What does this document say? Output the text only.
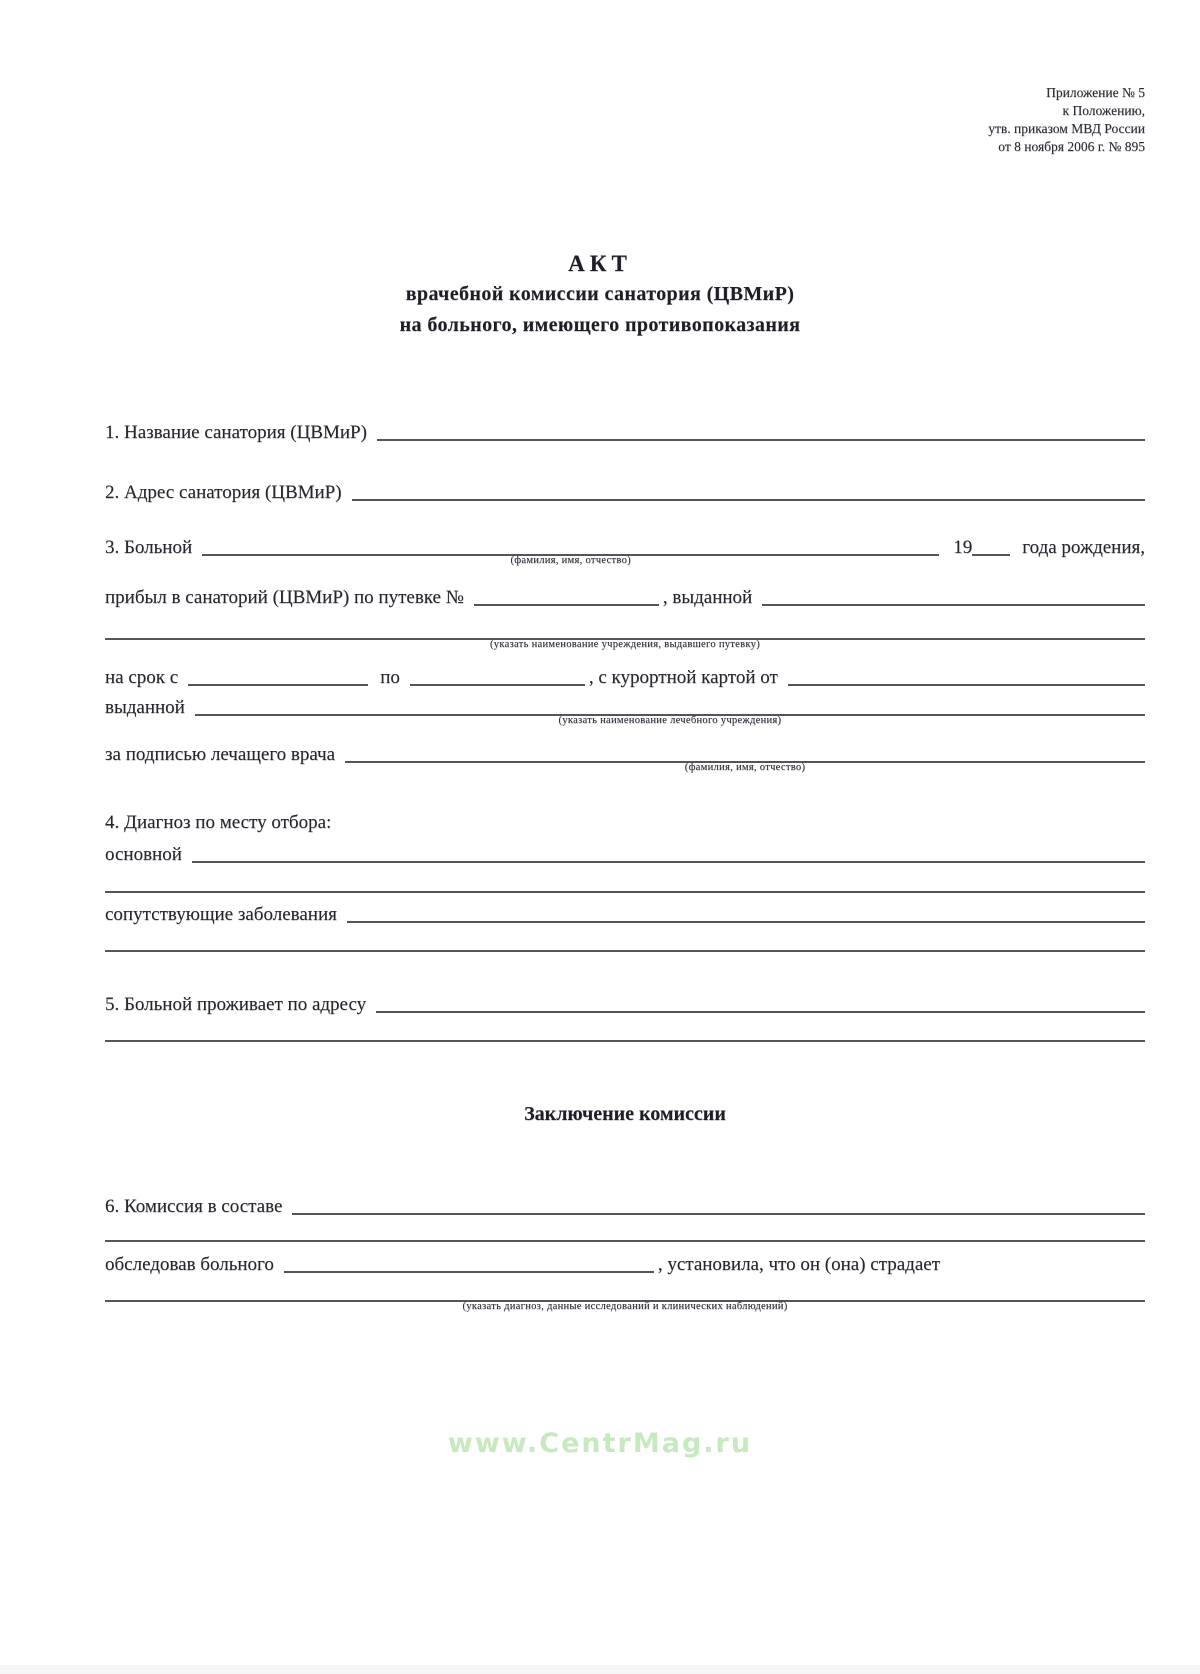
Приложение № 5
к Положению,
утв. приказом МВД России
от 8 ноября 2006 г. № 895
АКТ
врачебной комиссии санатория (ЦВМиР)
на больного, имеющего противопоказания
1. Название санатория (ЦВМиР)
2. Адрес санатория (ЦВМиР)
3. Больной
(фамилия, имя, отчество)
19	года рождения,
прибыл в санаторий (ЦВМиР) по путевке №	, выданной
(указать наименование учреждения, выдавшего путевку)
на срок с	по	, с курортной картой от
выданной
(указать наименование лечебного учреждения)
за подписью лечащего врача
(фамилия, имя, отчество)
4. Диагноз по месту отбора:
основной
сопутствующие заболевания
5. Больной проживает по адресу
Заключение комиссии
6. Комиссия в составе
обследовав больного	, установила, что он (она) страдает
(указать диагноз, данные исследований и клинических наблюдений)
www.CentrMag.ru
